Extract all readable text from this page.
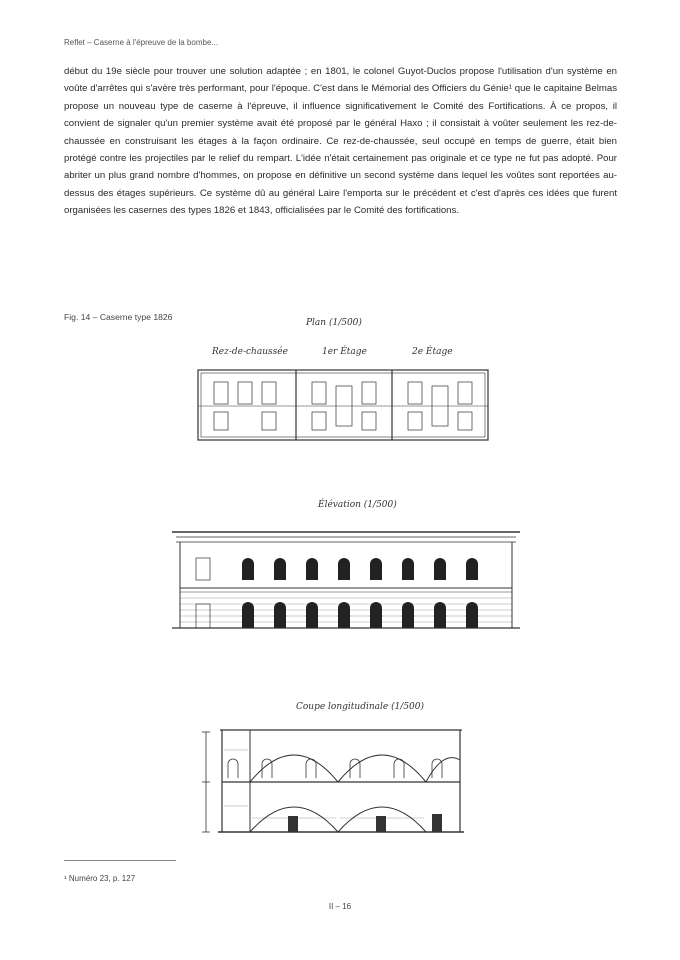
Reflet – Caserne à l'épreuve de la bombe...

début du 19e siècle pour trouver une solution adaptée ; en 1801, le colonel Guyot-Duclos propose l'utilisation d'un système en voûte d'arrêtes qui s'avère très performant, pour l'époque. C'est dans le Mémorial des Officiers du Génie¹ que le capitaine Belmas propose un nouveau type de caserne à l'épreuve, il influence significativement le Comité des Fortifications. À ce propos, il convient de signaler qu'un premier système avait été proposé par le général Haxo ; il consistait à voûter seulement les rez-de-chaussée en construisant les étages à la façon ordinaire. Ce rez-de-chaussée, seul occupé en temps de guerre, était bien protégé contre les projectiles par le relief du rempart. L'idée n'était certainement pas originale et ce type ne fut pas adopté. Pour abriter un plus grand nombre d'hommes, on propose en définitive un second système dans lequel les voûtes sont reportées au-dessus des étages supérieurs. Ce système dû au général Laire l'emporta sur le précédent et c'est d'après ces idées que furent organisées les casernes des types 1826 et 1843, officialisées par le Comité des fortifications.

Fig. 14 – Caserne type 1826
Plan (1/500)
Rez-de-chaussée	1er Étage	2e Étage
Élévation (1/500)
Coupe longitudinale (1/500)
¹ Numéro 23, p. 127
II – 16
